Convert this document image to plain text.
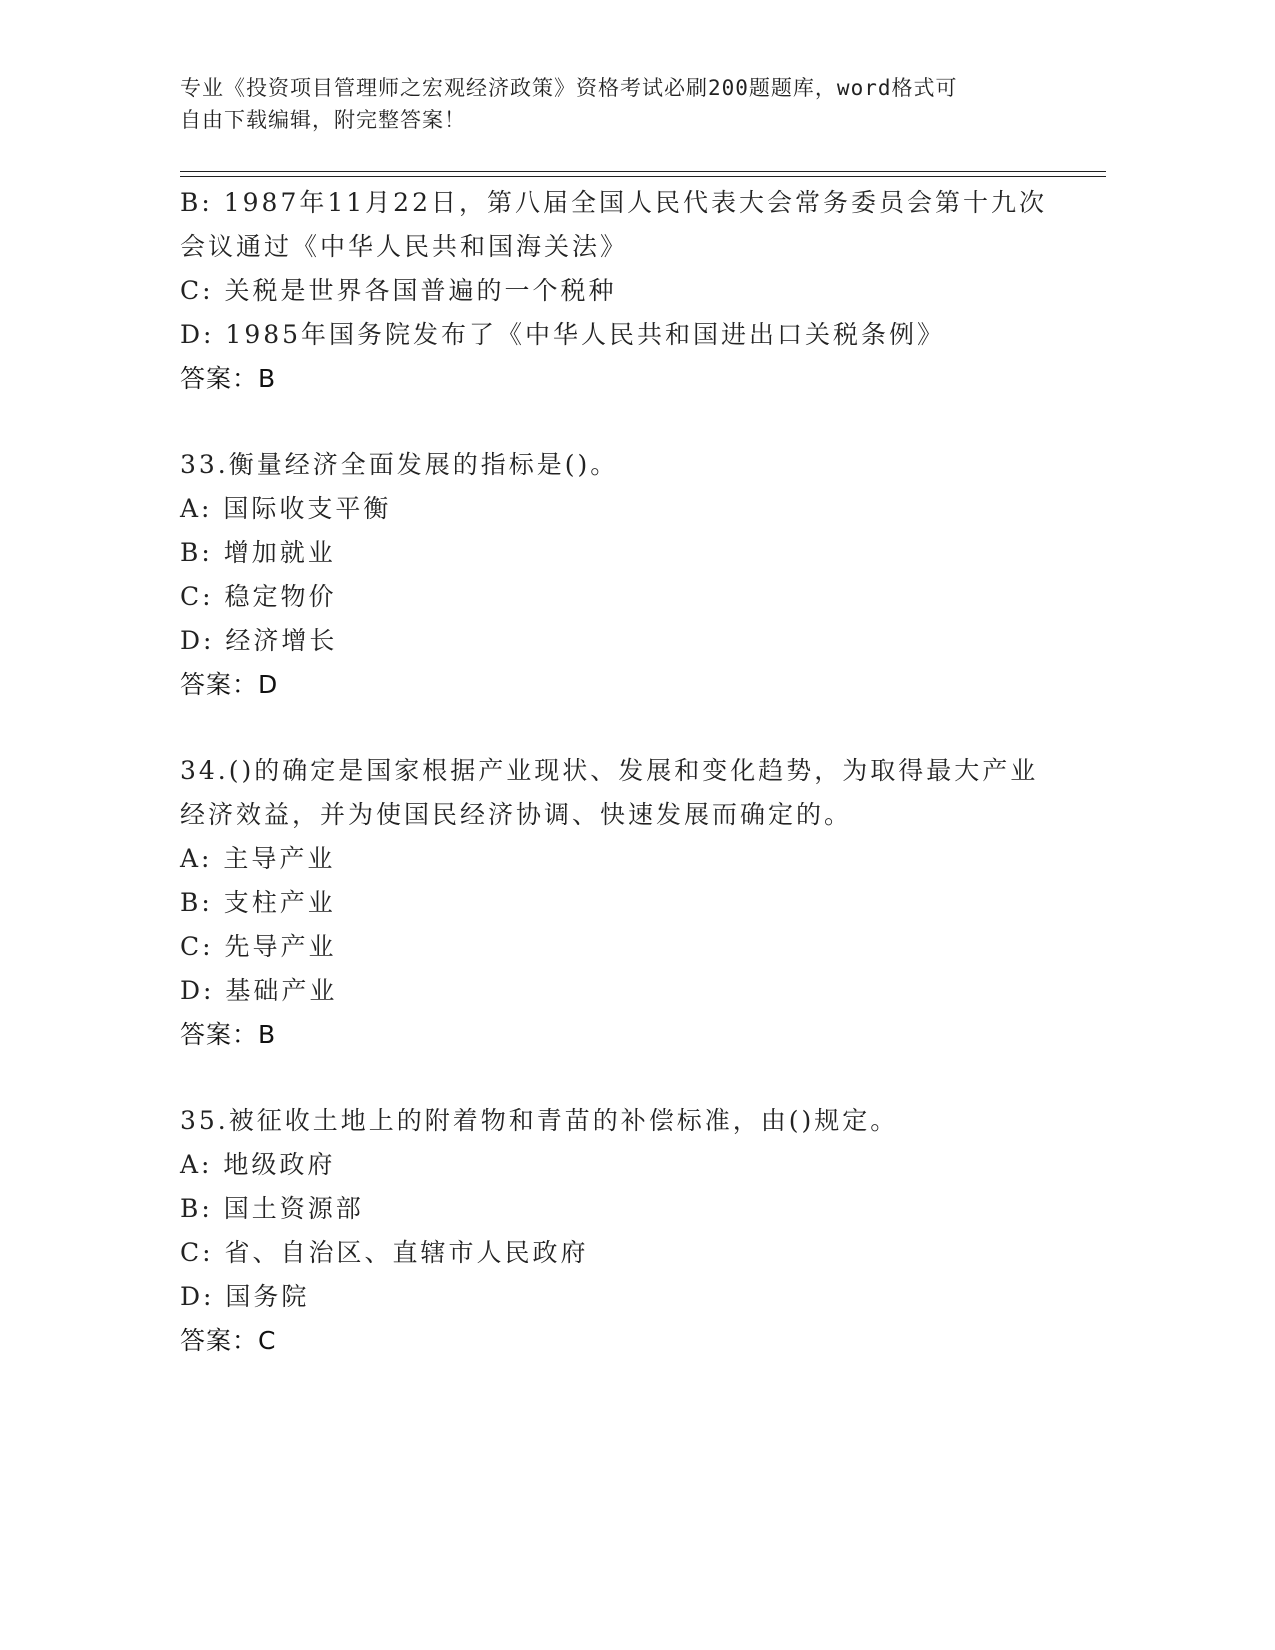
专业《投资项目管理师之宏观经济政策》资格考试必刷200题题库，word格式可
自由下载编辑，附完整答案！
B: 1987年11月22日，第八届全国人民代表大会常务委员会第十九次
会议通过《中华人民共和国海关法》
C: 关税是世界各国普遍的一个税种
D: 1985年国务院发布了《中华人民共和国进出口关税条例》
答案：B
33.衡量经济全面发展的指标是()。
A: 国际收支平衡
B: 增加就业
C: 稳定物价
D: 经济增长
答案：D
34.()的确定是国家根据产业现状、发展和变化趋势，为取得最大产业
经济效益，并为使国民经济协调、快速发展而确定的。
A: 主导产业
B: 支柱产业
C: 先导产业
D: 基础产业
答案：B
35.被征收土地上的附着物和青苗的补偿标准，由()规定。
A: 地级政府
B: 国土资源部
C: 省、自治区、直辖市人民政府
D: 国务院
答案：C
